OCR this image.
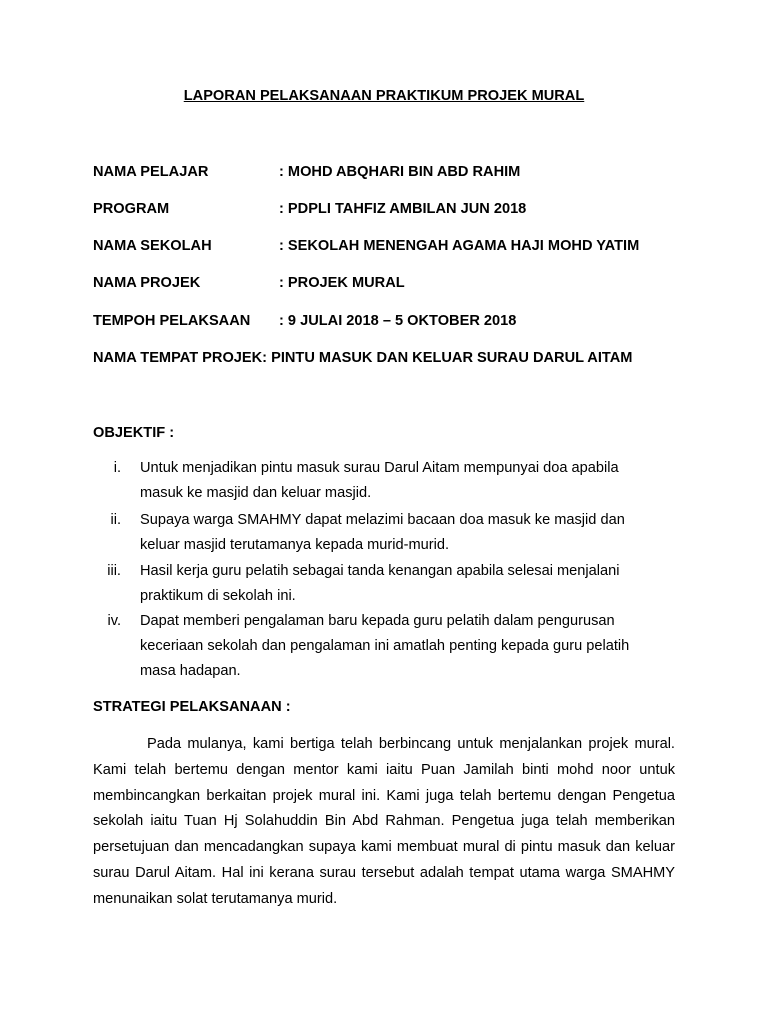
LAPORAN PELAKSANAAN PRAKTIKUM PROJEK MURAL
NAMA PELAJAR	: MOHD ABQHARI BIN ABD RAHIM
PROGRAM	: PDPLI TAHFIZ AMBILAN JUN 2018
NAMA SEKOLAH	: SEKOLAH MENENGAH AGAMA HAJI MOHD YATIM
NAMA PROJEK	: PROJEK MURAL
TEMPOH PELAKSAAN : 9 JULAI 2018 – 5 OKTOBER 2018
NAMA TEMPAT PROJEK: PINTU MASUK DAN KELUAR SURAU DARUL AITAM
OBJEKTIF :
i. Untuk menjadikan pintu masuk surau Darul Aitam mempunyai doa apabila masuk ke masjid dan keluar masjid.
ii. Supaya warga SMAHMY dapat melazimi bacaan doa masuk ke masjid dan keluar masjid terutamanya kepada murid-murid.
iii. Hasil kerja guru pelatih sebagai tanda kenangan apabila selesai menjalani praktikum di sekolah ini.
iv. Dapat memberi pengalaman baru kepada guru pelatih dalam pengurusan keceriaan sekolah dan pengalaman ini amatlah penting kepada guru pelatih masa hadapan.
STRATEGI PELAKSANAAN :
Pada mulanya, kami bertiga telah berbincang untuk menjalankan projek mural. Kami telah bertemu dengan mentor kami iaitu Puan Jamilah binti mohd noor untuk membincangkan berkaitan projek mural ini. Kami juga telah bertemu dengan Pengetua sekolah iaitu Tuan Hj Solahuddin Bin Abd Rahman. Pengetua juga telah memberikan persetujuan dan mencadangkan supaya kami membuat mural di pintu masuk dan keluar surau Darul Aitam. Hal ini kerana surau tersebut adalah tempat utama warga SMAHMY menunaikan solat terutamanya murid.
